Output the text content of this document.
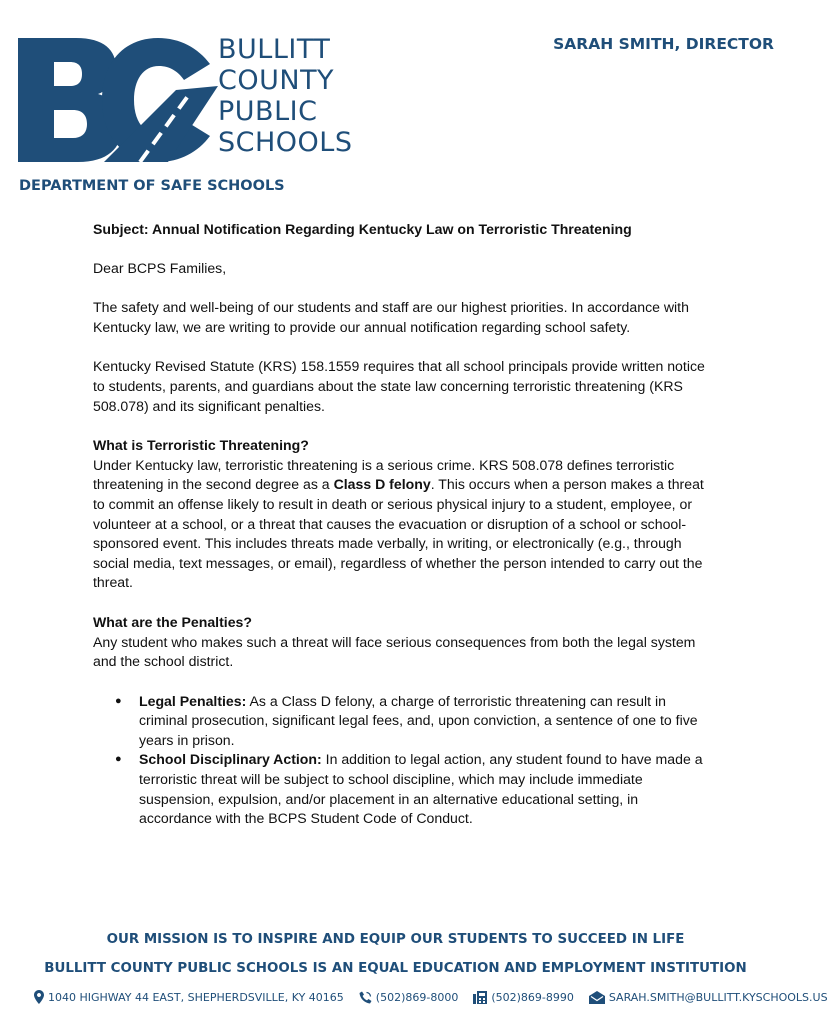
BULLITT
COUNTY
PUBLIC
SCHOOLS
SARAH SMITH, DIRECTOR
DEPARTMENT OF SAFE SCHOOLS

Subject: Annual Notification Regarding Kentucky Law on Terroristic Threatening

Dear BCPS Families,

The safety and well-being of our students and staff are our highest priorities. In accordance with Kentucky law, we are writing to provide our annual notification regarding school safety.

Kentucky Revised Statute (KRS) 158.1559 requires that all school principals provide written notice to students, parents, and guardians about the state law concerning terroristic threatening (KRS 508.078) and its significant penalties.

What is Terroristic Threatening?

Under Kentucky law, terroristic threatening is a serious crime. KRS 508.078 defines terroristic threatening in the second degree as a Class D felony. This occurs when a person makes a threat to commit an offense likely to result in death or serious physical injury to a student, employee, or volunteer at a school, or a threat that causes the evacuation or disruption of a school or school-sponsored event. This includes threats made verbally, in writing, or electronically (e.g., through social media, text messages, or email), regardless of whether the person intended to carry out the threat.

What are the Penalties?

Any student who makes such a threat will face serious consequences from both the legal system and the school district.

● Legal Penalties: As a Class D felony, a charge of terroristic threatening can result in criminal prosecution, significant legal fees, and, upon conviction, a sentence of one to five years in prison.
● School Disciplinary Action: In addition to legal action, any student found to have made a terroristic threat will be subject to school discipline, which may include immediate suspension, expulsion, and/or placement in an alternative educational setting, in accordance with the BCPS Student Code of Conduct.
OUR MISSION IS TO INSPIRE AND EQUIP OUR STUDENTS TO SUCCEED IN LIFE
BULLITT COUNTY PUBLIC SCHOOLS IS AN EQUAL EDUCATION AND EMPLOYMENT INSTITUTION
1040 HIGHWAY 44 EAST, SHEPHERDSVILLE, KY 40165	(502)869-8000	(502)869-8990	SARAH.SMITH@BULLITT.KYSCHOOLS.US
